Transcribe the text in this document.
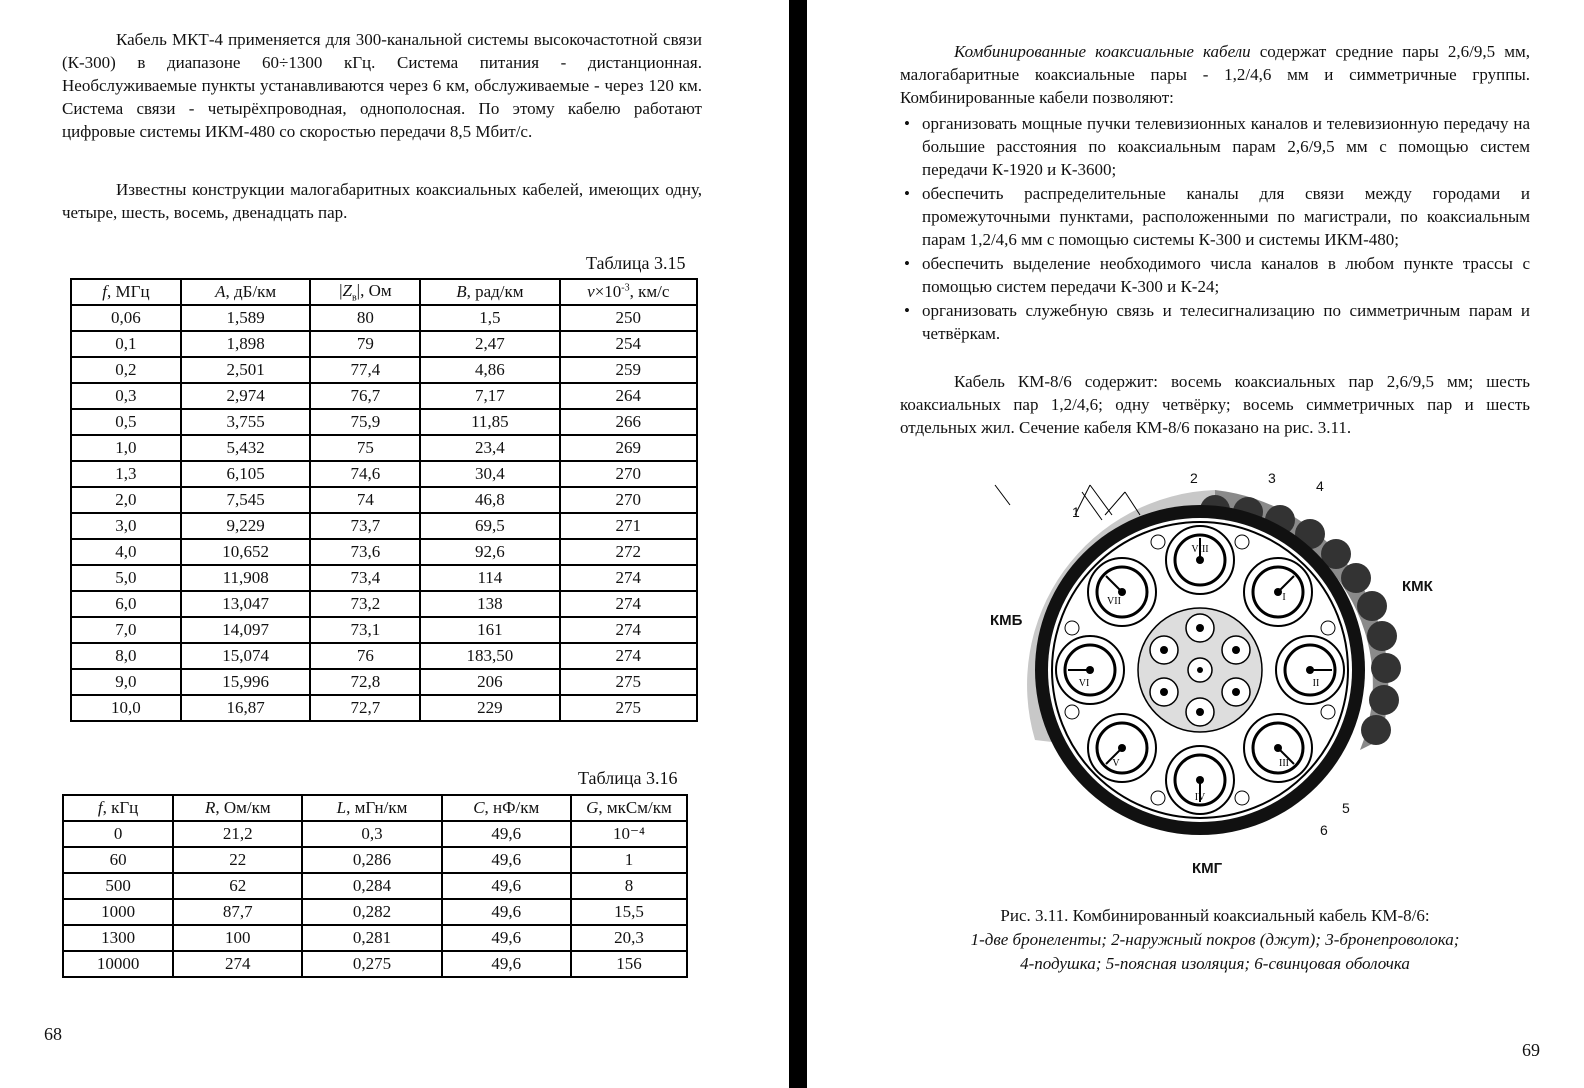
Кабель МКТ-4 применяется для 300-канальной системы высокочастотной связи (К-300) в диапазоне 60÷1300 кГц. Система питания - дистанционная. Необслуживаемые пункты устанавливаются через 6 км, обслуживаемые - через 120 км. Система связи - четырёхпроводная, однополосная. По этому кабелю работают цифровые системы ИКМ-480 со скоростью передачи 8,5 Мбит/с.

Известны конструкции малогабаритных коаксиальных кабелей, имеющих одну, четыре, шесть, восемь, двенадцать пар.

Таблица 3.15
f, МГц	A, дБ/км	$|Z_в|$, Ом	B, рад/км	$v\times 10^{-3}$, км/с
0,06	1,589	80	1,5	250
0,1	1,898	79	2,47	254
0,2	2,501	77,4	4,86	259
0,3	2,974	76,7	7,17	264
0,5	3,755	75,9	11,85	266
1,0	5,432	75	23,4	269
1,3	6,105	74,6	30,4	270
2,0	7,545	74	46,8	270
3,0	9,229	73,7	69,5	271
4,0	10,652	73,6	92,6	272
5,0	11,908	73,4	114	274
6,0	13,047	73,2	138	274
7,0	14,097	73,1	161	274
8,0	15,074	76	183,50	274
9,0	15,996	72,8	206	275
10,0	16,87	72,7	229	275
Таблица 3.16
f, кГц	R, Ом/км	L, мГн/км	C, нФ/км	G, мкСм/км
0	21,2	0,3	49,6	10⁻⁴
60	22	0,286	49,6	1
500	62	0,284	49,6	8
1000	87,7	0,282	49,6	15,5
1300	100	0,281	49,6	20,3
10000	274	0,275	49,6	156
68

Комбинированные коаксиальные кабели содержат средние пары 2,6/9,5 мм, малогабаритные коаксиальные пары - 1,2/4,6 мм и симметричные группы. Комбинированные кабели позволяют:

• организовать мощные пучки телевизионных каналов и телевизионную передачу на большие расстояния по коаксиальным парам 2,6/9,5 мм с помощью систем передачи К-1920 и К-3600;
• обеспечить распределительные каналы для связи между городами и промежуточными пунктами, расположенными по магистрали, по коаксиальным парам 1,2/4,6 мм с помощью системы К-300 и системы ИКМ-480;
• обеспечить выделение необходимого числа каналов в любом пункте трассы с помощью систем передачи К-300 и К-24;
• организовать служебную связь и телесигнализацию по симметричным парам и четвёркам.

Кабель КМ-8/6 содержит: восемь коаксиальных пар 2,6/9,5 мм; шесть коаксиальных пар 1,2/4,6; одну четвёрку; восемь симметричных пар и шесть отдельных жил. Сечение кабеля КМ-8/6 показано на рис. 3.11.

VIII
I
II
III
IV
V
VI
VII
1
2	3	4
5
6
КМБ
КМК
КМГ
Рис. 3.11. Комбинированный коаксиальный кабель КМ-8/6:
1-две бронеленты; 2-наружный покров (джут); 3-бронепроволока;
4-подушка; 5-поясная изоляция; 6-свинцовая оболочка
69
